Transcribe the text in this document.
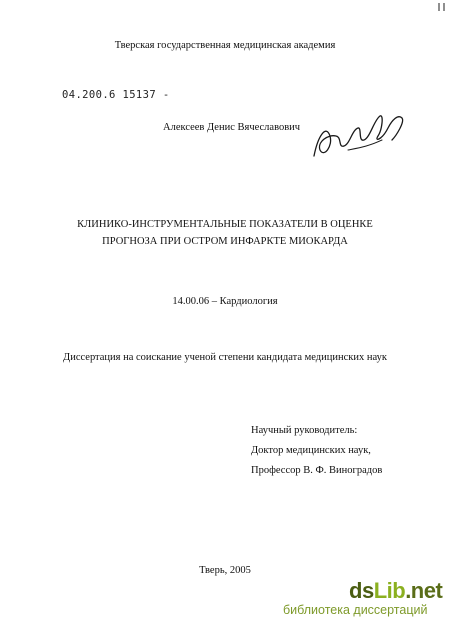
Тверская государственная медицинская академия
04.200.6 15137 -
Алексеев Денис Вячеславович
КЛИНИКО-ИНСТРУМЕНТАЛЬНЫЕ ПОКАЗАТЕЛИ В ОЦЕНКЕ
ПРОГНОЗА ПРИ ОСТРОМ ИНФАРКТЕ МИОКАРДА
14.00.06 – Кардиология
Диссертация на соискание ученой степени кандидата медицинских наук
Научный руководитель:
Доктор медицинских наук,
Профессор В. Ф. Виноградов
Тверь, 2005
dsLib.net
библиотека диссертаций
